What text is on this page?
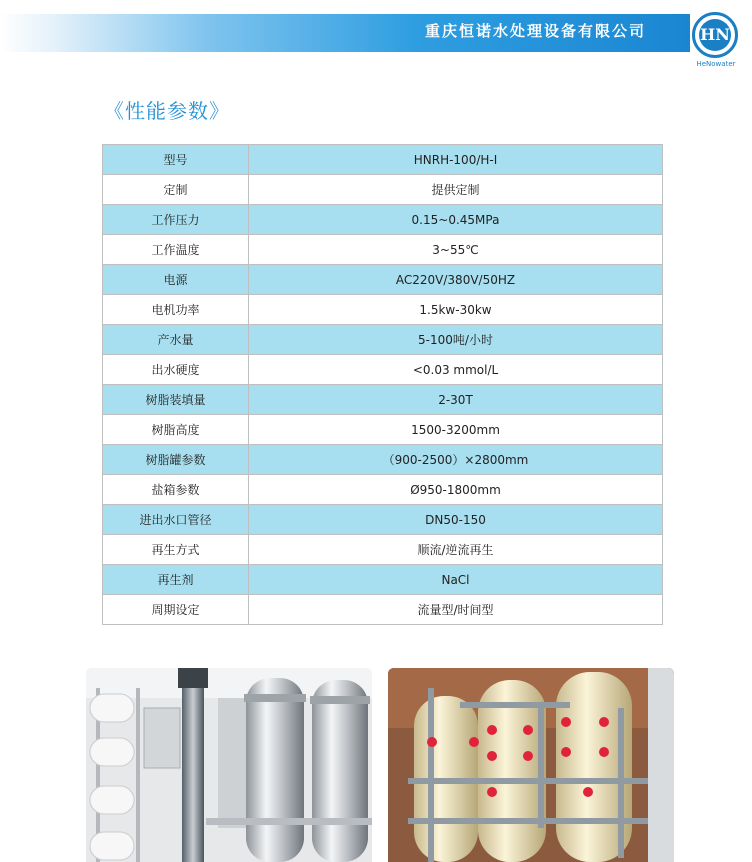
重庆恒诺水处理设备有限公司	HN
HeNowater
《性能参数》
型号	HNRH-100/H-Ⅰ
定制	提供定制
工作压力	0.15~0.45MPa
工作温度	3~55℃
电源	AC220V/380V/50HZ
电机功率	1.5kw-30kw
产水量	5-100吨/小时
出水硬度	<0.03 mmol/L
树脂装填量	2-30T
树脂高度	1500-3200mm
树脂罐参数	（900-2500）×2800mm
盐箱参数	Ø950-1800mm
进出水口管径	DN50-150
再生方式	顺流/逆流再生
再生剂	NaCl
周期设定	流量型/时间型
